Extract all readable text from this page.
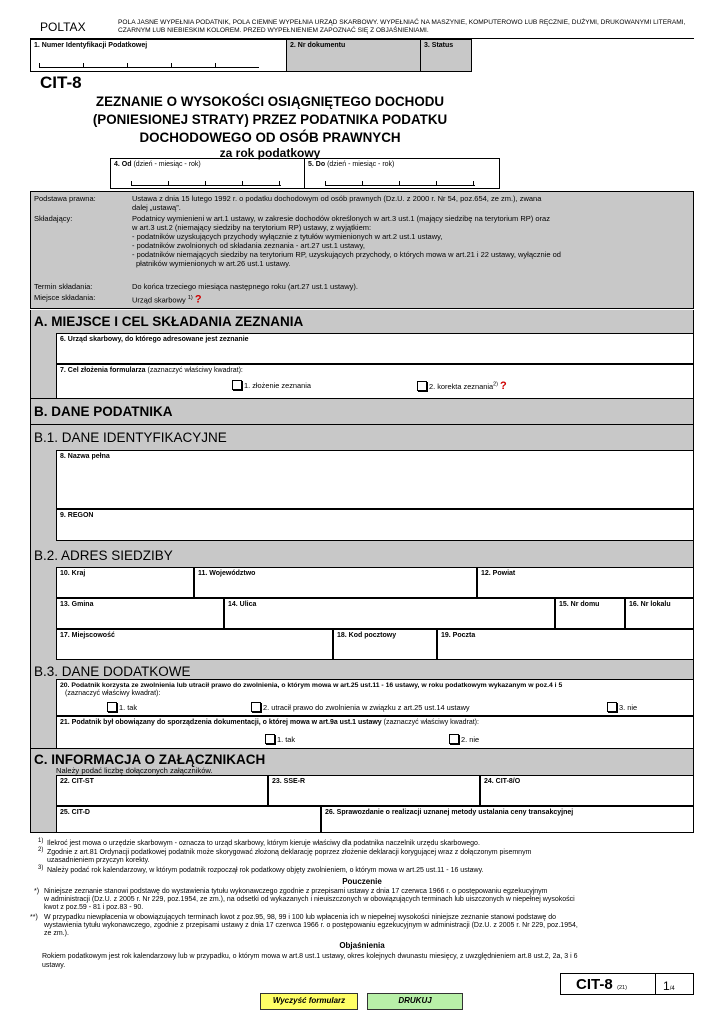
POLTAX	POLA JASNE WYPEŁNIA PODATNIK, POLA CIEMNE WYPEŁNIA URZĄD SKARBOWY. WYPEŁNIAĆ NA MASZYNIE, KOMPUTEROWO LUB RĘCZNIE, DUŻYMI, DRUKOWANYMI LITERAMI, CZARNYM LUB NIEBIESKIM KOLOREM. PRZED WYPEŁNIENIEM ZAPOZNAĆ SIĘ Z OBJAŚNIENIAMI.
1. Numer Identyfikacji Podatkowej	2. Nr dokumentu	3. Status
CIT-8
ZEZNANIE O WYSOKOŚCI OSIĄGNIĘTEGO DOCHODU
(PONIESIONEJ STRATY) PRZEZ PODATNIKA PODATKU
DOCHODOWEGO OD OSÓB PRAWNYCH
za rok podatkowy
4. Od (dzień - miesiąc - rok)	5. Do (dzień - miesiąc - rok)
Podstawa prawna:	Ustawa z dnia 15 lutego 1992 r. o podatku dochodowym od osób prawnych (Dz.U. z 2000 r. Nr 54, poz.654, ze zm.), zwana
dalej „ustawą”.
Składający:	Podatnicy wymienieni w art.1 ustawy, w zakresie dochodów określonych w art.3 ust.1 (mający siedzibę na terytorium RP) oraz
w art.3 ust.2 (niemający siedziby na terytorium RP) ustawy, z wyjątkiem:
- podatników uzyskujących przychody wyłącznie z tytułów wymienionych w art.2 ust.1 ustawy,
- podatników zwolnionych od składania zeznania - art.27 ust.1 ustawy,
- podatników niemających siedziby na terytorium RP, uzyskujących przychody, o których mowa w art.21 i 22 ustawy, wyłącznie od
płatników wymienionych w art.26 ust.1 ustawy.
Termin składania:	Do końca trzeciego miesiąca następnego roku (art.27 ust.1 ustawy).
Miejsce składania:	Urząd skarbowy $^{1)}$ ?
A. MIEJSCE I CEL SKŁADANIA ZEZNANIA
6. Urząd skarbowy, do którego adresowane jest zeznanie
7. Cel złożenia formularza (zaznaczyć właściwy kwadrat):
1. złożenie zeznania	2. korekta zeznania$^{2)}$ ?
B. DANE PODATNIKA
B.1. DANE IDENTYFIKACYJNE
8. Nazwa pełna
9. REGON
B.2. ADRES SIEDZIBY
10. Kraj	11. Województwo	12. Powiat
13. Gmina	14. Ulica	15. Nr domu	16. Nr lokalu
17. Miejscowość	18. Kod pocztowy	19. Poczta
B.3. DANE DODATKOWE
20. Podatnik korzysta ze zwolnienia lub utracił prawo do zwolnienia, o którym mowa w art.25 ust.11 - 16 ustawy, w roku podatkowym wykazanym w poz.4 i 5
(zaznaczyć właściwy kwadrat):
1. tak	2. utracił prawo do zwolnienia w związku z art.25 ust.14 ustawy	3. nie
21. Podatnik był obowiązany do sporządzenia dokumentacji, o której mowa w art.9a ust.1 ustawy (zaznaczyć właściwy kwadrat):
1. tak	2. nie
C. INFORMACJA O ZAŁĄCZNIKACH
Należy podać liczbę dołączonych załączników.
22. CIT-ST	23. SSE-R	24. CIT-8/O
25. CIT-D	26. Sprawozdanie o realizacji uznanej metody ustalania ceny transakcyjnej
1) Ilekroć jest mowa o urzędzie skarbowym - oznacza to urząd skarbowy, którym kieruje właściwy dla podatnika naczelnik urzędu skarbowego.
2) Zgodnie z art.81 Ordynacji podatkowej podatnik może skorygować złożoną deklarację poprzez złożenie deklaracji korygującej wraz z dołączonym pisemnym
uzasadnieniem przyczyn korekty.
3) Należy podać rok kalendarzowy, w którym podatnik rozpoczął rok podatkowy objęty zwolnieniem, o którym mowa w art.25 ust.11 - 16 ustawy.
Pouczenie
*) Niniejsze zeznanie stanowi podstawę do wystawienia tytułu wykonawczego zgodnie z przepisami ustawy z dnia 17 czerwca 1966 r. o postępowaniu egzekucyjnym
w administracji (Dz.U. z 2005 r. Nr 229, poz.1954, ze zm.), na odsetki od wykazanych i nieuiszczonych w obowiązujących terminach lub uiszczonych w niepełnej wysokości
kwot z poz.59 - 81 i poz.83 - 90.
**) W przypadku niewpłacenia w obowiązujących terminach kwot z poz.95, 98, 99 i 100 lub wpłacenia ich w niepełnej wysokości niniejsze zeznanie stanowi podstawę do
wystawienia tytułu wykonawczego, zgodnie z przepisami ustawy z dnia 17 czerwca 1966 r. o postępowaniu egzekucyjnym w administracji (Dz.U. z 2005 r. Nr 229, poz.1954,
ze zm.).
Objaśnienia
Rokiem podatkowym jest rok kalendarzowy lub w przypadku, o którym mowa w art.8 ust.1 ustawy, okres kolejnych dwunastu miesięcy, z uwzględnieniem art.8 ust.2, 2a, 3 i 6
ustawy.
CIT-8 (21)	1/4
Wyczyść formularz	DRUKUJ
